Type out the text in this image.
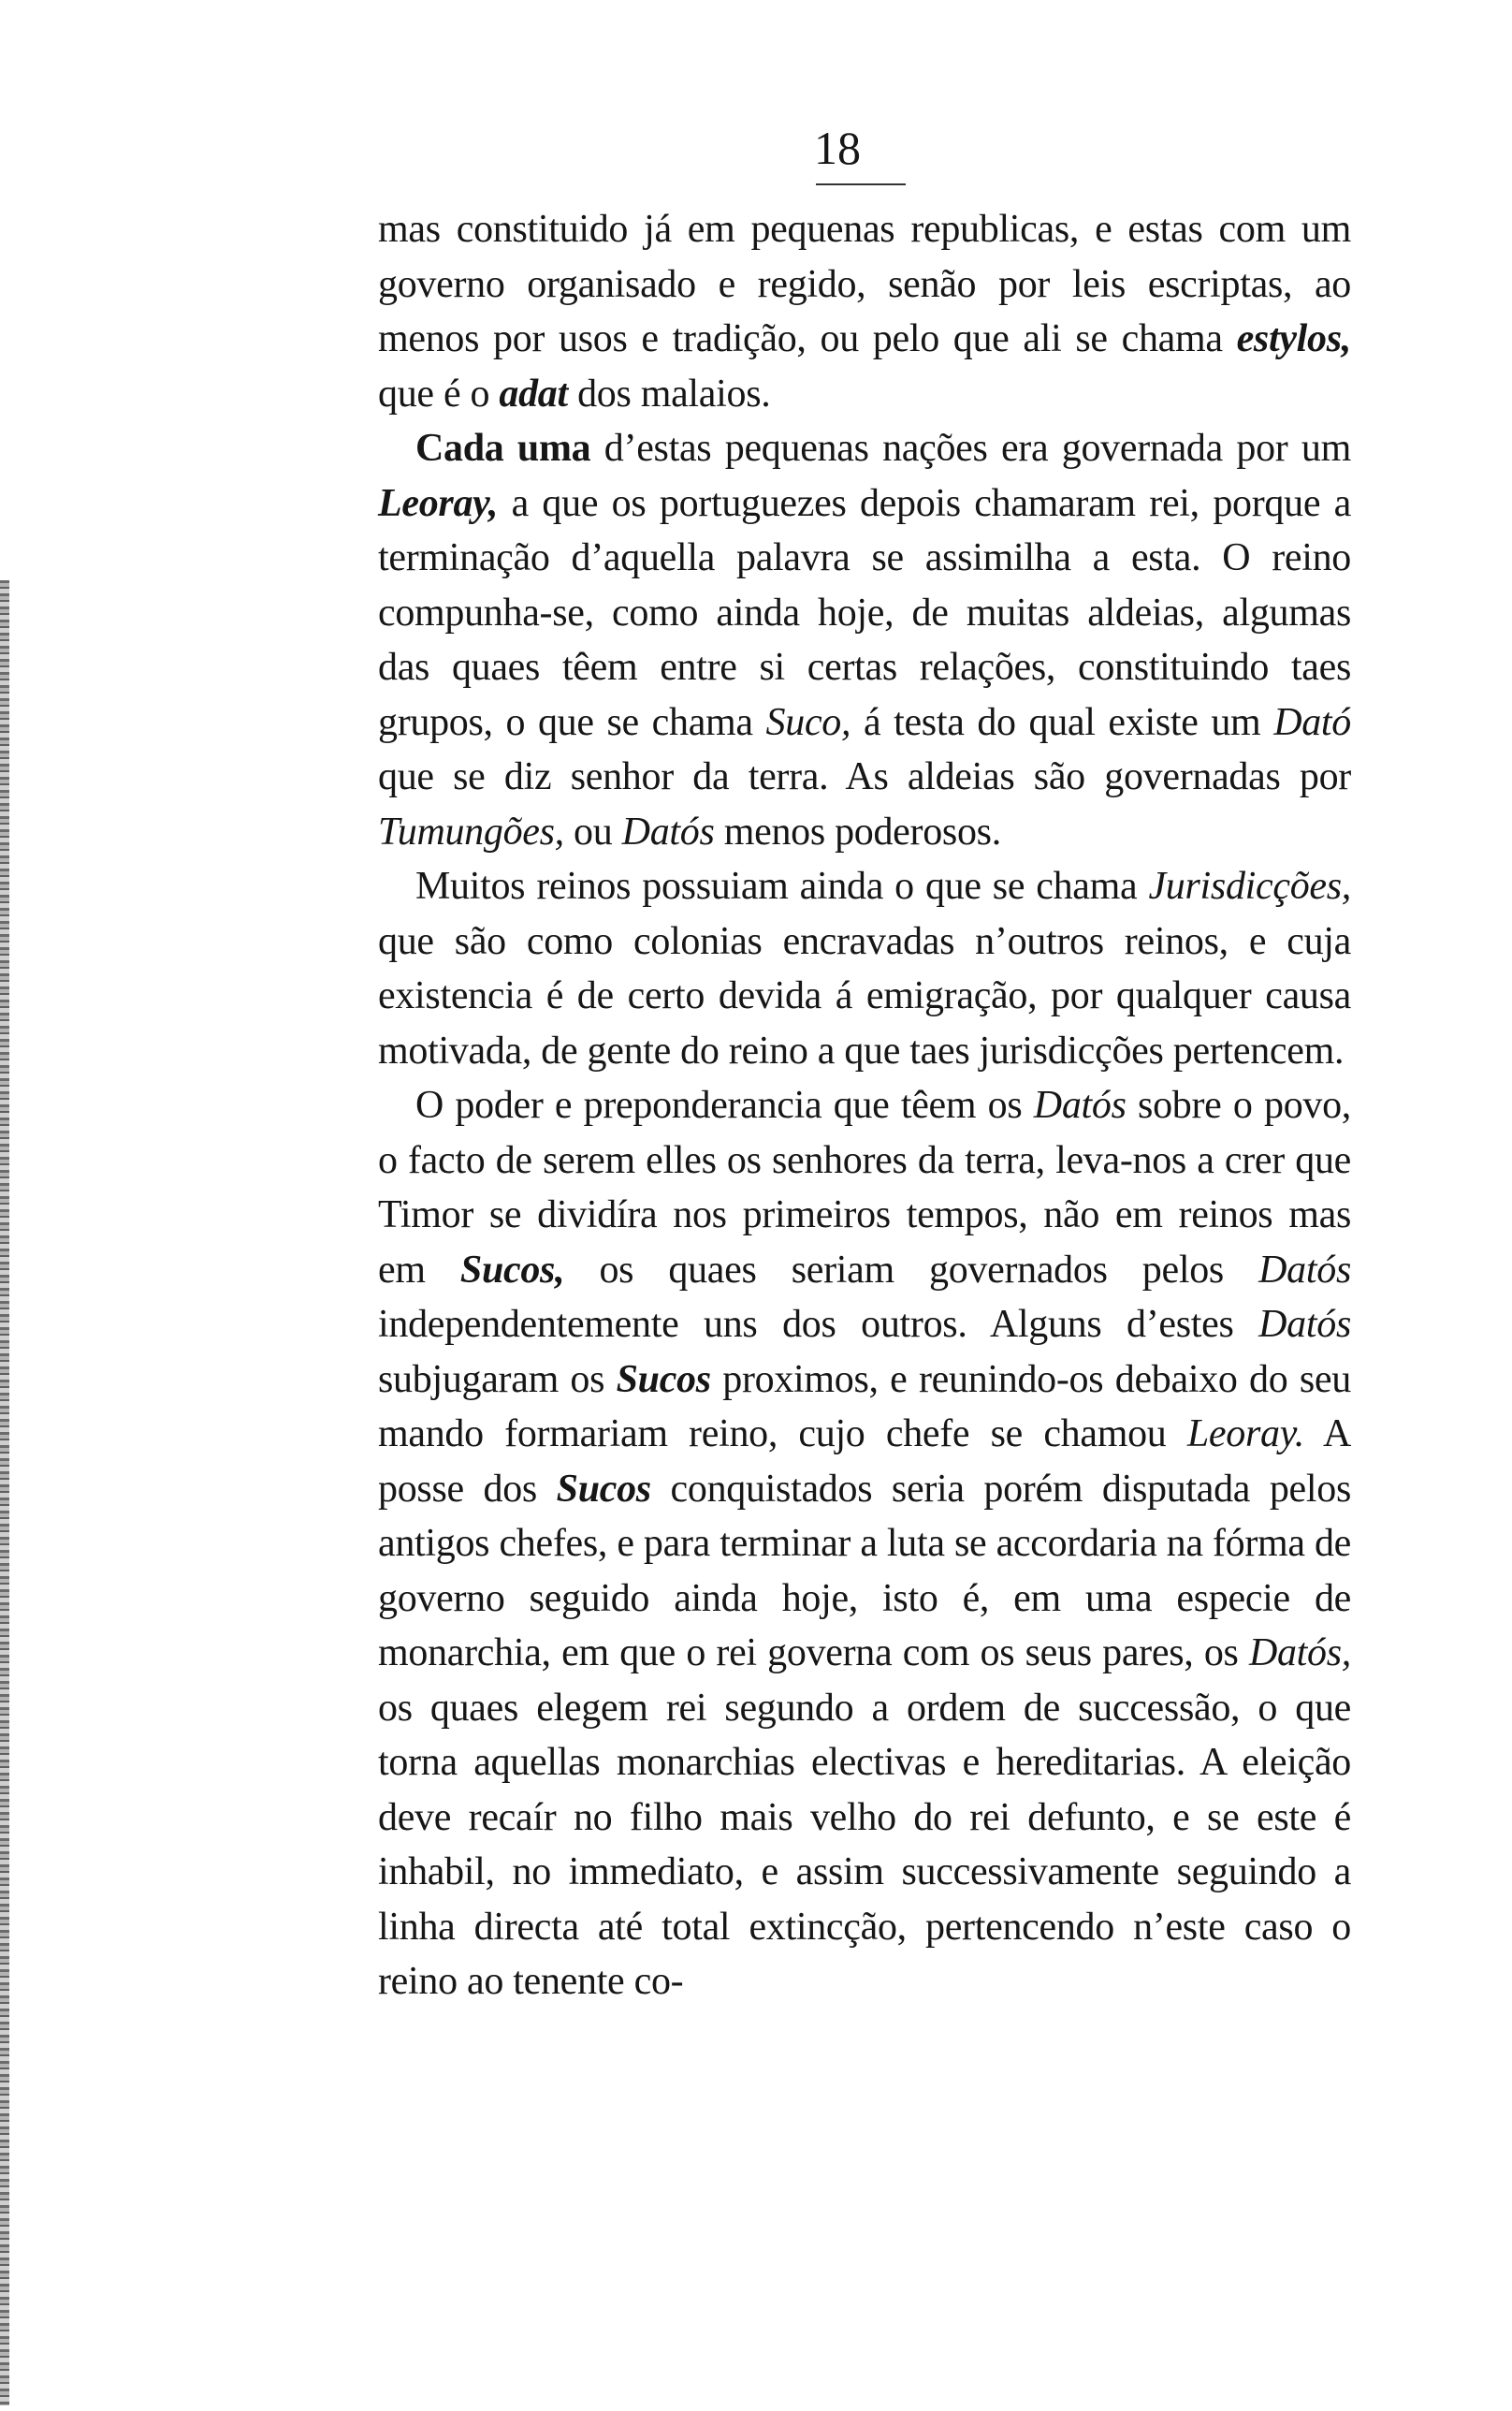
18

mas constituido já em pequenas republicas, e estas com um governo organisado e regido, senão por leis escriptas, ao menos por usos e tradição, ou pelo que ali se chama estylos, que é o adat dos malaios.

Cada uma d’estas pequenas nações era governada por um Leoray, a que os portuguezes depois chamaram rei, porque a terminação d’aquella palavra se assimilha a esta. O reino compunha-se, como ainda hoje, de muitas aldeias, algumas das quaes têem entre si certas relações, constituindo taes grupos, o que se chama Suco, á testa do qual existe um Dató que se diz senhor da terra. As aldeias são governadas por Tumungões, ou Datós menos poderosos.

Muitos reinos possuiam ainda o que se chama Jurisdicções, que são como colonias encravadas n’outros reinos, e cuja existencia é de certo devida á emigração, por qualquer causa motivada, de gente do reino a que taes jurisdicções pertencem.

O poder e preponderancia que têem os Datós sobre o povo, o facto de serem elles os senhores da terra, leva-nos a crer que Timor se dividíra nos primeiros tempos, não em reinos mas em Sucos, os quaes seriam governados pelos Datós independentemente uns dos outros. Alguns d’estes Datós subjugaram os Sucos proximos, e reunindo-os debaixo do seu mando formariam reino, cujo chefe se chamou Leoray. A posse dos Sucos conquistados seria porém disputada pelos antigos chefes, e para terminar a luta se accordaria na fórma de governo seguido ainda hoje, isto é, em uma especie de monarchia, em que o rei governa com os seus pares, os Datós, os quaes elegem rei segundo a ordem de successão, o que torna aquellas monarchias electivas e hereditarias. A eleição deve recaír no filho mais velho do rei defunto, e se este é inhabil, no immediato, e assim successivamente seguindo a linha directa até total extincção, pertencendo n’este caso o reino ao tenente co-
